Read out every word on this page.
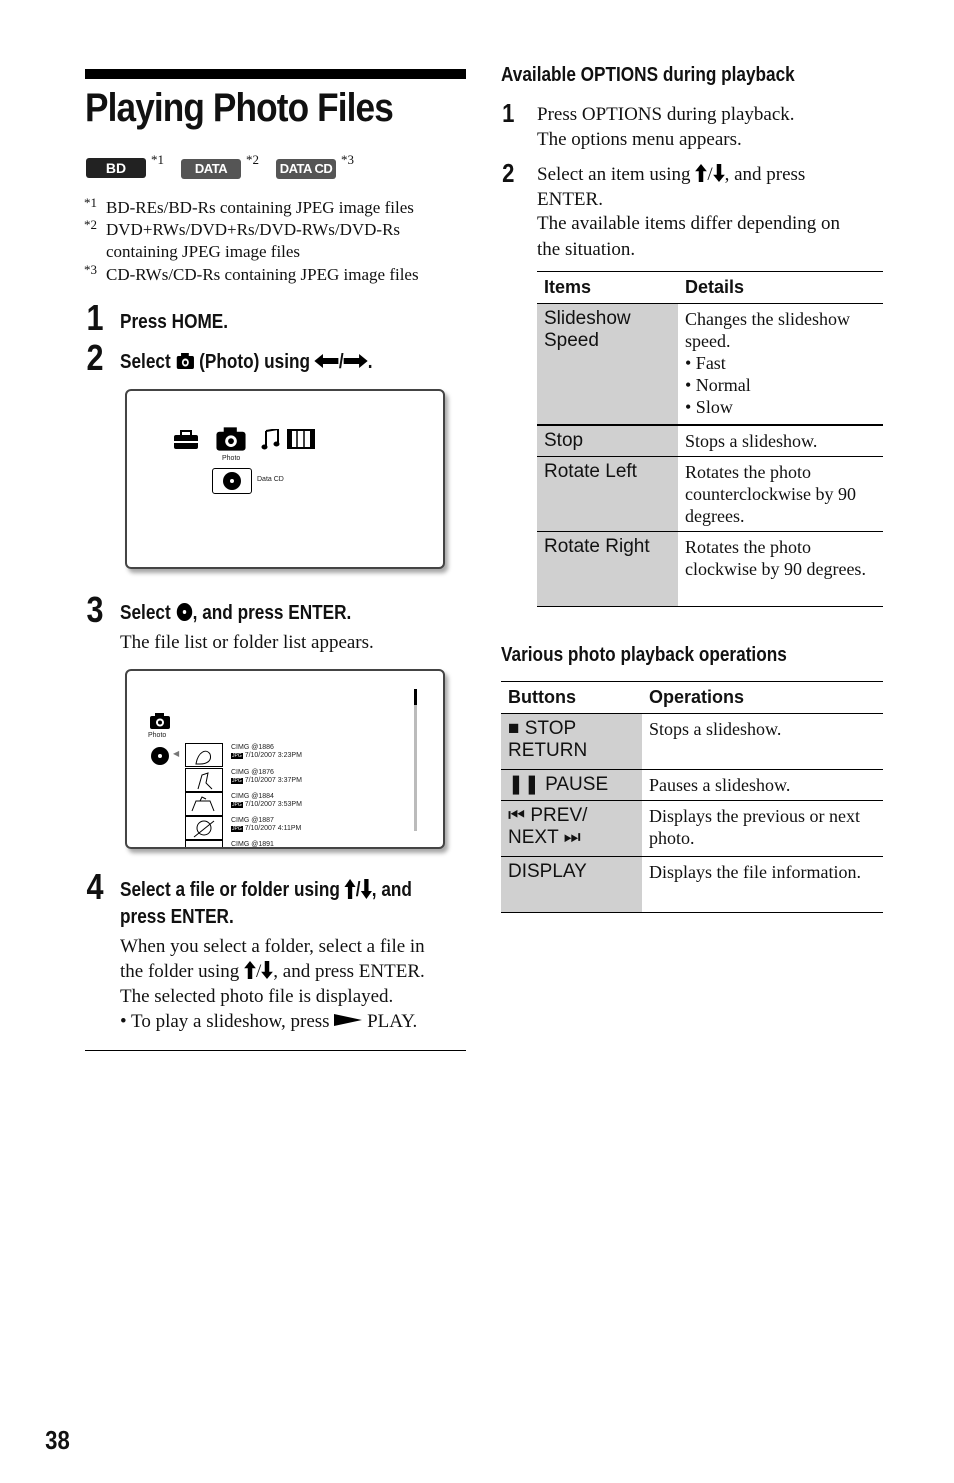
Playing Photo Files
BD
*1
DATA DVD
*2
DATA CD
*3
*1 BD-REs/BD-Rs containing JPEG image files
*2 DVD+RWs/DVD+Rs/DVD-RWs/DVD-Rs containing JPEG image files
*3 CD-RWs/CD-Rs containing JPEG image files
1 Press HOME.
2 Select (Photo) using / .
Photo
Data CD
3 Select , and press ENTER.
The file list or folder list appears.
Photo
◀
CIMG @1886
JPG 7/10/2007 3:23PM
CIMG @1876
JPG 7/10/2007 3:37PM
CIMG @1884
JPG 7/10/2007 3:53PM
CIMG @1887
JPG 7/10/2007 4:11PM
CIMG @1891
4 Select a file or folder using / , and
press ENTER.
When you select a folder, select a file in
the folder using / , and press ENTER.
The selected photo file is displayed.
• To play a slideshow, press PLAY.
Available OPTIONS during playback
1 Press OPTIONS during playback.
The options menu appears.
2 Select an item using / , and press
ENTER.
The available items differ depending on
the situation.
Items	Details
Slideshow Speed	Changes the slideshow speed.
• Fast
• Normal
• Slow

Stop	Stops a slideshow.
Rotate Left	Rotates the photo counterclockwise by 90 degrees.
Rotate Right	Rotates the photo clockwise by 90 degrees.
Various photo playback operations
Buttons	Operations
■ STOP RETURN	Stops a slideshow.
❚❚ PAUSE	Pauses a slideshow.
⏮ PREV/ NEXT ⏭	Displays the previous or next photo.
DISPLAY	Displays the file information.
38
